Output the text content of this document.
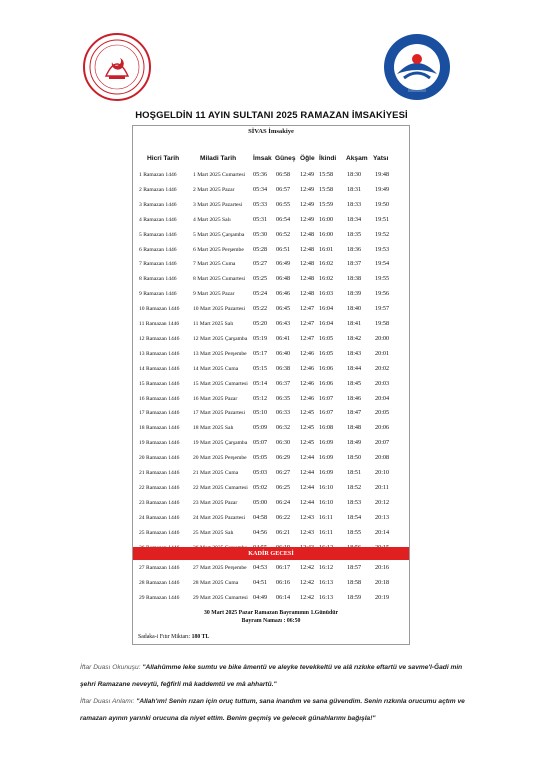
HOŞGELDİN 11 AYIN SULTANI 2025 RAMAZAN İMSAKİYESİ
SİVAS İmsakiye
Hicri Tarih	Miladi Tarih	İmsak Güneş Öğle İkindi Akşam Yatsı
1 Ramazan 1446	1 Mart 2025 Cumartesi 05:36 06:58 12:49 15:58 18:30 19:48
2 Ramazan 1446	2 Mart 2025 Pazar	05:34 06:57 12:49 15:58 18:31 19:49
3 Ramazan 1446	3 Mart 2025 Pazartesi 05:33 06:55 12:49 15:59 18:33 19:50
4 Ramazan 1446	4 Mart 2025 Salı	05:31 06:54 12:49 16:00 18:34 19:51
5 Ramazan 1446	5 Mart 2025 Çarşamba 05:30 06:52 12:48 16:00 18:35 19:52
6 Ramazan 1446	6 Mart 2025 Perşembe 05:28 06:51 12:48 16:01 18:36 19:53
7 Ramazan 1446	7 Mart 2025 Cuma	05:27 06:49 12:48 16:02 18:37 19:54
8 Ramazan 1446	8 Mart 2025 Cumartesi 05:25 06:48 12:48 16:02 18:38 19:55
9 Ramazan 1446	9 Mart 2025 Pazar	05:24 06:46 12:48 16:03 18:39 19:56
10 Ramazan 1446 10 Mart 2025 Pazartesi 05:22 06:45 12:47 16:04 18:40 19:57
11 Ramazan 1446 11 Mart 2025 Salı	05:20 06:43 12:47 16:04 18:41 19:58
12 Ramazan 1446 12 Mart 2025 Çarşamba 05:19 06:41 12:47 16:05 18:42 20:00
13 Ramazan 1446 13 Mart 2025 Perşembe 05:17 06:40 12:46 16:05 18:43 20:01
14 Ramazan 1446 14 Mart 2025 Cuma 05:15 06:38 12:46 16:06 18:44 20:02
15 Ramazan 1446 15 Mart 2025 Cumartesi 05:14 06:37 12:46 16:06 18:45 20:03
16 Ramazan 1446 16 Mart 2025 Pazar	05:12 06:35 12:46 16:07 18:46 20:04
17 Ramazan 1446 17 Mart 2025 Pazartesi 05:10 06:33 12:45 16:07 18:47 20:05
18 Ramazan 1446 18 Mart 2025 Salı	05:09 06:32 12:45 16:08 18:48 20:06
19 Ramazan 1446 19 Mart 2025 Çarşamba 05:07 06:30 12:45 16:09 18:49 20:07
20 Ramazan 1446 20 Mart 2025 Perşembe 05:05 06:29 12:44 16:09 18:50 20:08
21 Ramazan 1446 21 Mart 2025 Cuma 05:03 06:27 12:44 16:09 18:51 20:10
22 Ramazan 1446 22 Mart 2025 Cumartesi 05:02 06:25 12:44 16:10 18:52 20:11
23 Ramazan 1446 23 Mart 2025 Pazar	05:00 06:24 12:44 16:10 18:53 20:12
24 Ramazan 1446 24 Mart 2025 Pazartesi 04:58 06:22 12:43 16:11 18:54 20:13
25 Ramazan 1446 25 Mart 2025 Salı	04:56 06:21 12:43 16:11 18:55 20:14
KADİR GECESİ
27 Ramazan 1446 27 Mart 2025 Perşembe 04:53 06:17 12:42 16:12 18:57 20:16
28 Ramazan 1446 28 Mart 2025 Cuma 04:51 06:16 12:42 16:13 18:58 20:18
29 Ramazan 1446 29 Mart 2025 Cumartesi 04:49 06:14 12:42 16:13 18:59 20:19
30 Mart 2025 Pazar Ramazan Bayramının 1.Günüdür
Bayram Namazı : 06:50
Sadaka-i Fıtır Miktarı: 180 TL
İftar Duası Okunuşu: "Allahümme leke sumtu ve bike âmentü ve aleyke tevekkeltü ve alâ rızkıke eftartü ve savme'l-Ğadi min şehri Ramazane neveytü, feğfirli mâ kaddemtü ve mâ ahhartü."
İftar Duası Anlamı: "Allah'ım! Senin rızan için oruç tuttum, sana inandım ve sana güvendim. Senin rızkınla orucumu açtım ve ramazan ayının yarınki orucuna da niyet ettim. Benim geçmiş ve gelecek günahlarımı bağışla!"
